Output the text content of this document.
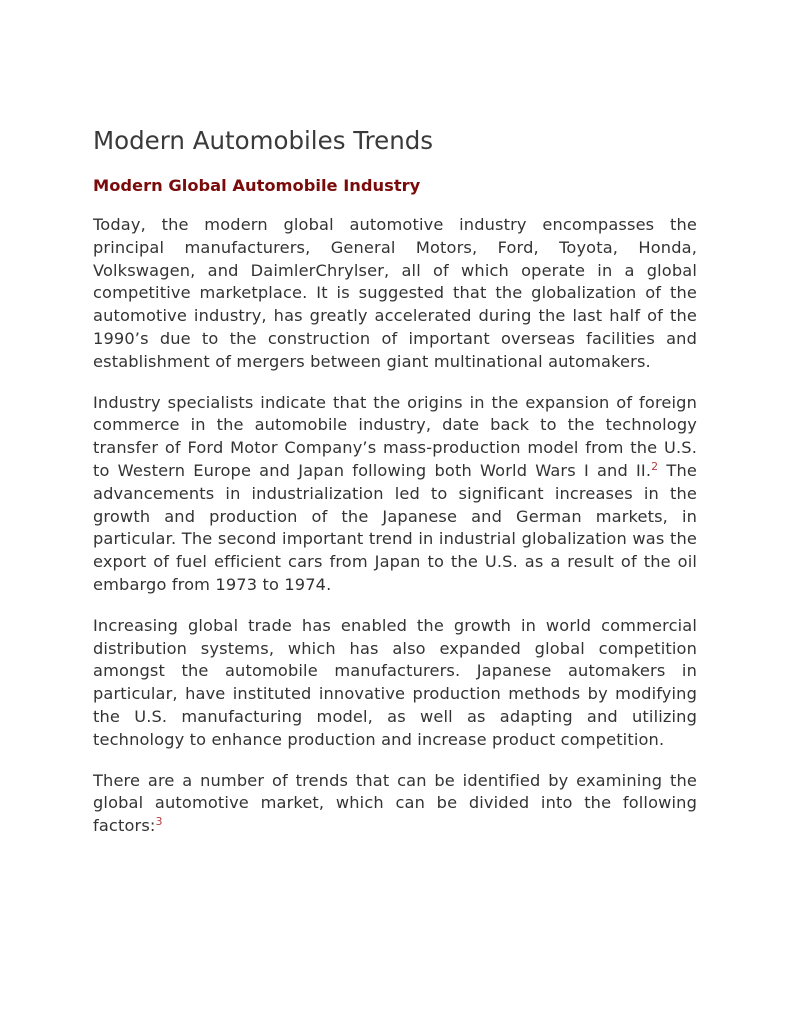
Modern Automobiles Trends
Modern Global Automobile Industry

Today, the modern global automotive industry encompasses the principal manufacturers, General Motors, Ford, Toyota, Honda, Volkswagen, and DaimlerChrylser, all of which operate in a global competitive marketplace. It is suggested that the globalization of the automotive industry, has greatly accelerated during the last half of the 1990’s due to the construction of important overseas facilities and establishment of mergers between giant multinational automakers.

Industry specialists indicate that the origins in the expansion of foreign commerce in the automobile industry, date back to the technology transfer of Ford Motor Company’s mass-production model from the U.S. to Western Europe and Japan following both World Wars I and II.$^2$ The advancements in industrialization led to significant increases in the growth and production of the Japanese and German markets, in particular. The second important trend in industrial globalization was the export of fuel efficient cars from Japan to the U.S. as a result of the oil embargo from 1973 to 1974.

Increasing global trade has enabled the growth in world commercial distribution systems, which has also expanded global competition amongst the automobile manufacturers. Japanese automakers in particular, have instituted innovative production methods by modifying the U.S. manufacturing model, as well as adapting and utilizing technology to enhance production and increase product competition.

There are a number of trends that can be identified by examining the global automotive market, which can be divided into the following factors:$^3$
